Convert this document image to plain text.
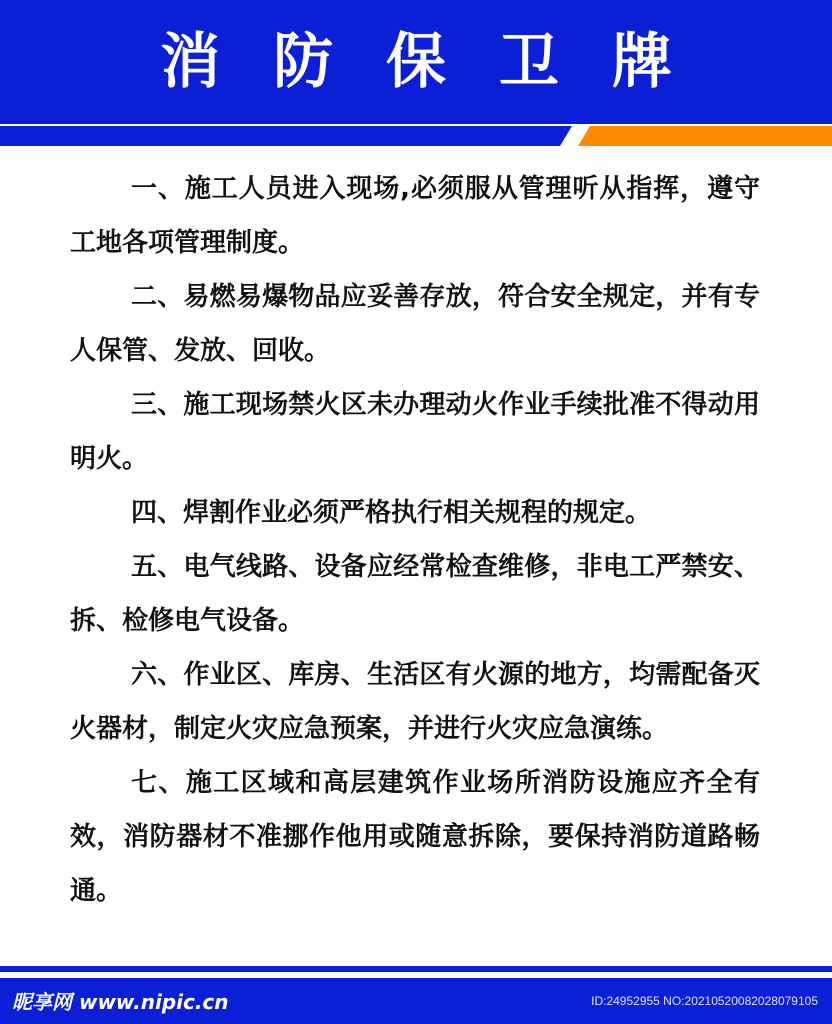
消 防 保 卫 牌

一、施工人员进入现场,必须服从管理听从指挥，遵守工地各项管理制度。

二、易燃易爆物品应妥善存放，符合安全规定，并有专人保管、发放、回收。

三、施工现场禁火区未办理动火作业手续批准不得动用明火。

四、焊割作业必须严格执行相关规程的规定。

五、电气线路、设备应经常检查维修，非电工严禁安、拆、检修电气设备。

六、作业区、库房、生活区有火源的地方，均需配备灭火器材，制定火灾应急预案，并进行火灾应急演练。

七、施工区域和高层建筑作业场所消防设施应齐全有效，消防器材不准挪作他用或随意拆除，要保持消防道路畅通。

昵享网 www.nipic.cn	ID:24952955 NO:20210520082028079105
